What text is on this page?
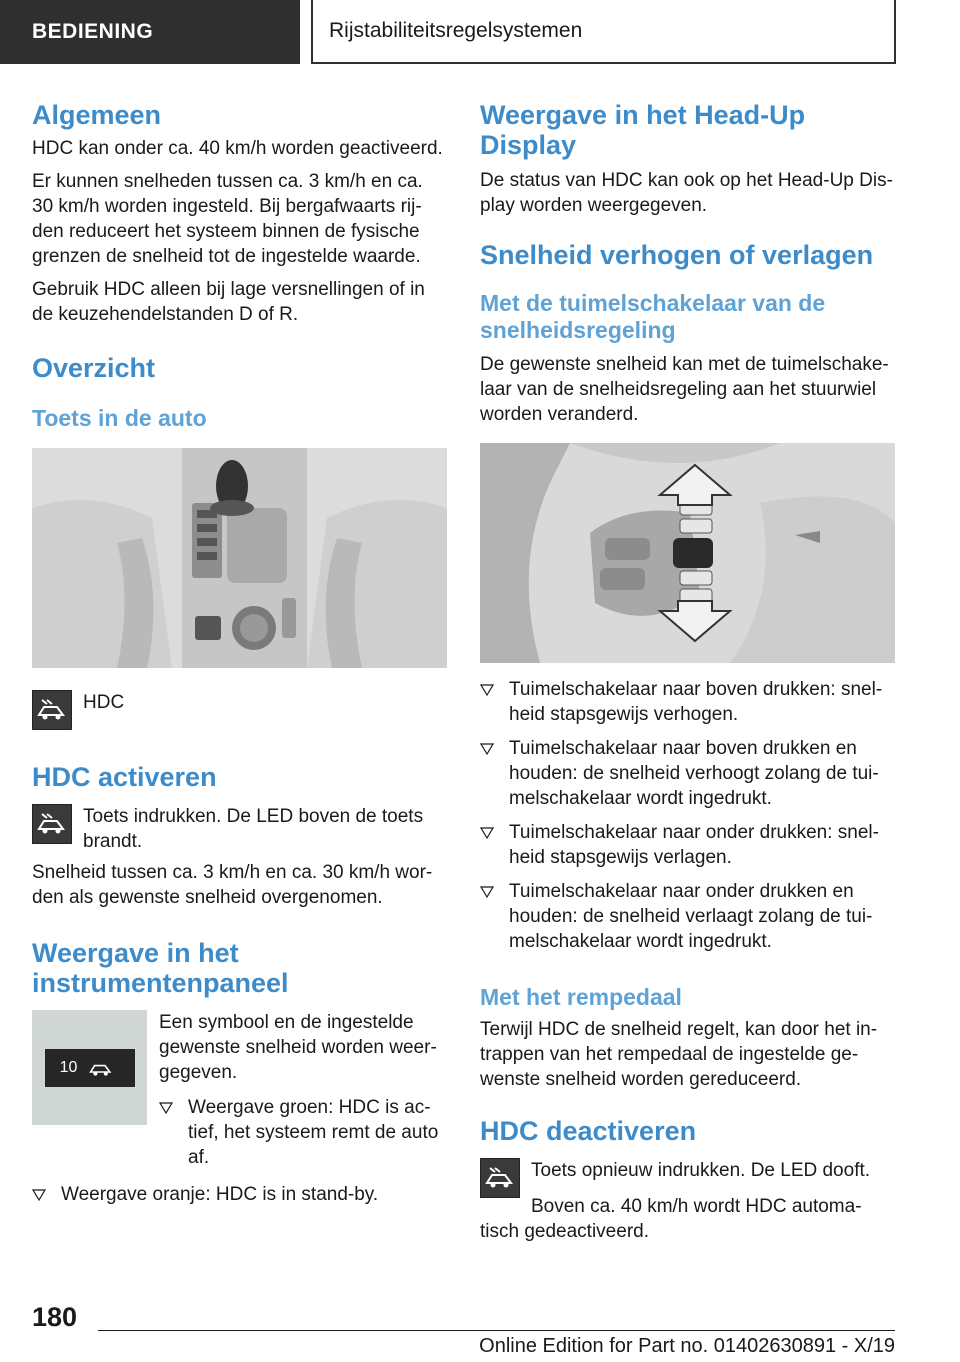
BEDIENING	Rijstabiliteitsregelsystemen
Algemeen

HDC kan onder ca. 40 km/h worden geactiveerd.

Er kunnen snelheden tussen ca. 3 km/h en ca. 30 km/h worden ingesteld. Bij bergafwaarts rij-den reduceert het systeem binnen de fysische grenzen de snelheid tot de ingestelde waarde.

Gebruik HDC alleen bij lage versnellingen of in de keuzehendelstanden D of R.

Overzicht
Toets in de auto
HDC
HDC activeren

Toets indrukken. De LED boven de toets brandt.

Snelheid tussen ca. 3 km/h en ca. 30 km/h wor-den als gewenste snelheid overgenomen.

Weergave in het instrumentenpaneel
10

Een symbool en de ingestelde gewenste snelheid worden weer-gegeven.

Weergave groen: HDC is ac-tief, het systeem remt de auto af.
Weergave oranje: HDC is in stand-by.
Weergave in het Head-Up Display

De status van HDC kan ook op het Head-Up Dis-play worden weergegeven.

Snelheid verhogen of verlagen
Met de tuimelschakelaar van de snelheidsregeling

De gewenste snelheid kan met de tuimelschake-laar van de snelheidsregeling aan het stuurwiel worden veranderd.

Tuimelschakelaar naar boven drukken: snel-heid stapsgewijs verhogen.
Tuimelschakelaar naar boven drukken en houden: de snelheid verhoogt zolang de tui-melschakelaar wordt ingedrukt.
Tuimelschakelaar naar onder drukken: snel-heid stapsgewijs verlagen.
Tuimelschakelaar naar onder drukken en houden: de snelheid verlaagt zolang de tui-melschakelaar wordt ingedrukt.
Met het rempedaal

Terwijl HDC de snelheid regelt, kan door het in-trappen van het rempedaal de ingestelde ge-wenste snelheid worden gereduceerd.

HDC deactiveren

Toets opnieuw indrukken. De LED dooft.

Boven ca. 40 km/h wordt HDC automa-tisch gedeactiveerd.

180
Online Edition for Part no. 01402630891 - X/19
